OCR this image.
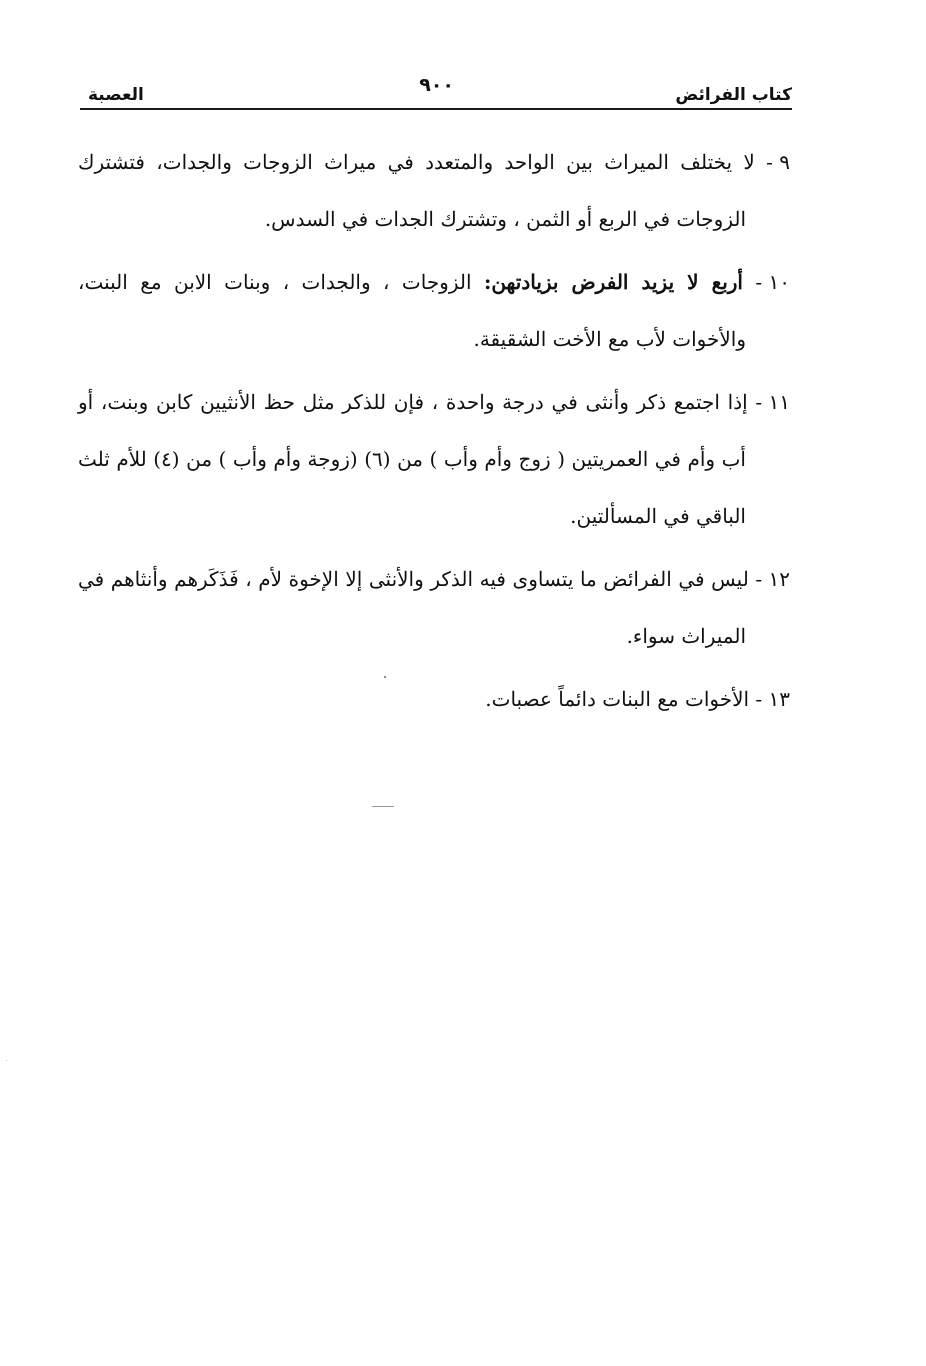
كتاب الفرائض
٩٠٠
العصبة

٩ - لا يختلف الميراث بين الواحد والمتعدد في ميراث الزوجات والجدات، فتشترك الزوجات في الربع أو الثمن ، وتشترك الجدات في السدس.

١٠ - أربع لا يزيد الفرض بزيادتهن: الزوجات ، والجدات ، وبنات الابن مع البنت، والأخوات لأب مع الأخت الشقيقة.

١١ - إذا اجتمع ذكر وأنثى في درجة واحدة ، فإن للذكر مثل حظ الأنثيين كابن وبنت، أو أب وأم في العمريتين ( زوج وأم وأب ) من (٦) (زوجة وأم وأب ) من (٤) للأم ثلث الباقي في المسألتين.

١٢ - ليس في الفرائض ما يتساوى فيه الذكر والأنثى إلا الإخوة لأم ، فَذَكَرهم وأنثاهم في الميراث سواء.

١٣ - الأخوات مع البنات دائماً عصبات.
